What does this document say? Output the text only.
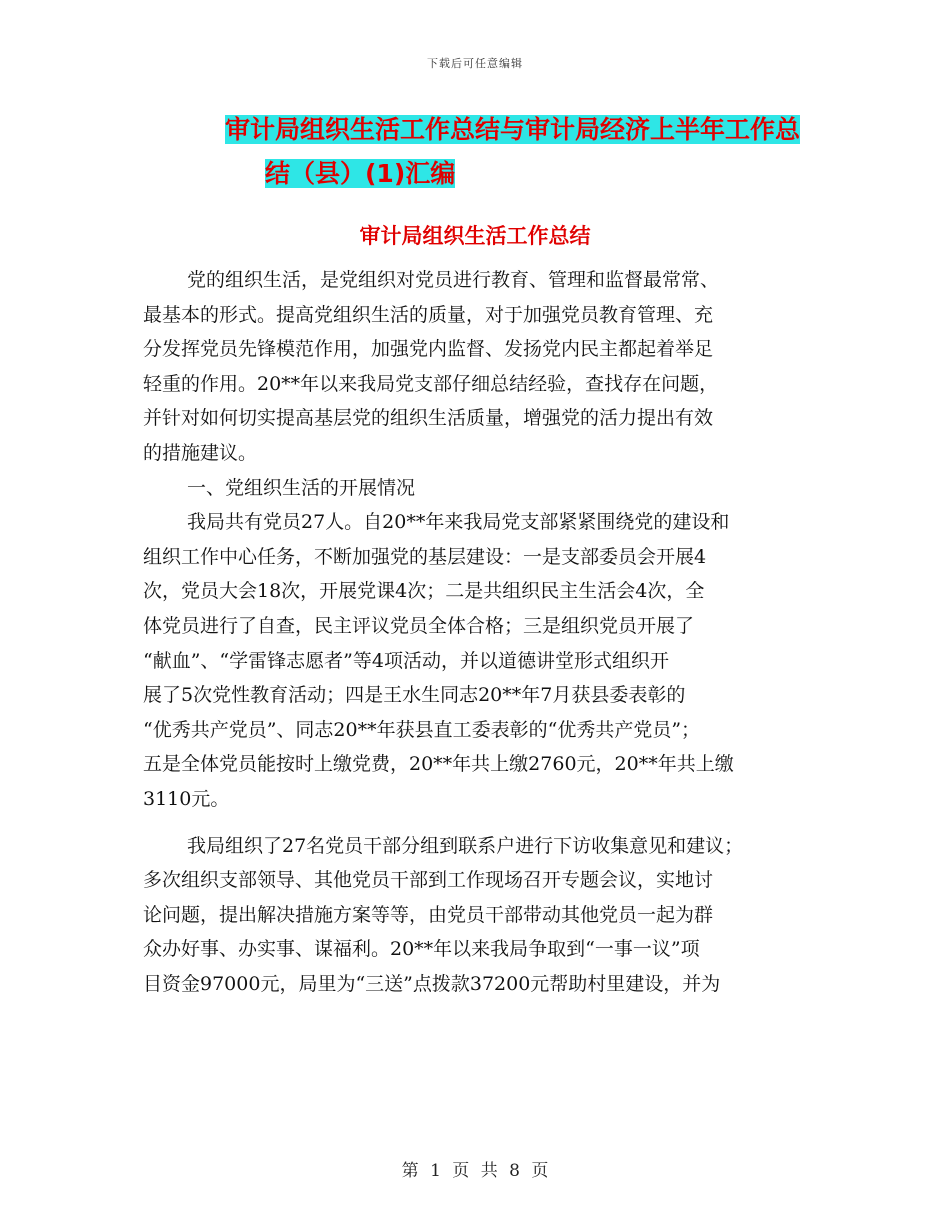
下载后可任意编辑
审计局组织生活工作总结与审计局经济上半年工作总
结（县）(1)汇编
审计局组织生活工作总结
党的组织生活，是党组织对党员进行教育、管理和监督最常常、
最基本的形式。提高党组织生活的质量，对于加强党员教育管理、充
分发挥党员先锋模范作用，加强党内监督、发扬党内民主都起着举足
轻重的作用。20**年以来我局党支部仔细总结经验，查找存在问题，
并针对如何切实提高基层党的组织生活质量，增强党的活力提出有效
的措施建议。
一、党组织生活的开展情况
我局共有党员27人。自20**年来我局党支部紧紧围绕党的建设和
组织工作中心任务，不断加强党的基层建设：一是支部委员会开展4
次，党员大会18次，开展党课4次；二是共组织民主生活会4次，全
体党员进行了自查，民主评议党员全体合格；三是组织党员开展了
“献血”、“学雷锋志愿者”等4项活动，并以道德讲堂形式组织开
展了5次党性教育活动；四是王水生同志20**年7月获县委表彰的
“优秀共产党员”、同志20**年获县直工委表彰的“优秀共产党员”；
五是全体党员能按时上缴党费，20**年共上缴2760元，20**年共上缴
3110元。
我局组织了27名党员干部分组到联系户进行下访收集意见和建议；
多次组织支部领导、其他党员干部到工作现场召开专题会议，实地讨
论问题，提出解决措施方案等等，由党员干部带动其他党员一起为群
众办好事、办实事、谋福利。20**年以来我局争取到“一事一议”项
目资金97000元，局里为“三送”点拨款37200元帮助村里建设，并为
第 1 页 共 8 页
